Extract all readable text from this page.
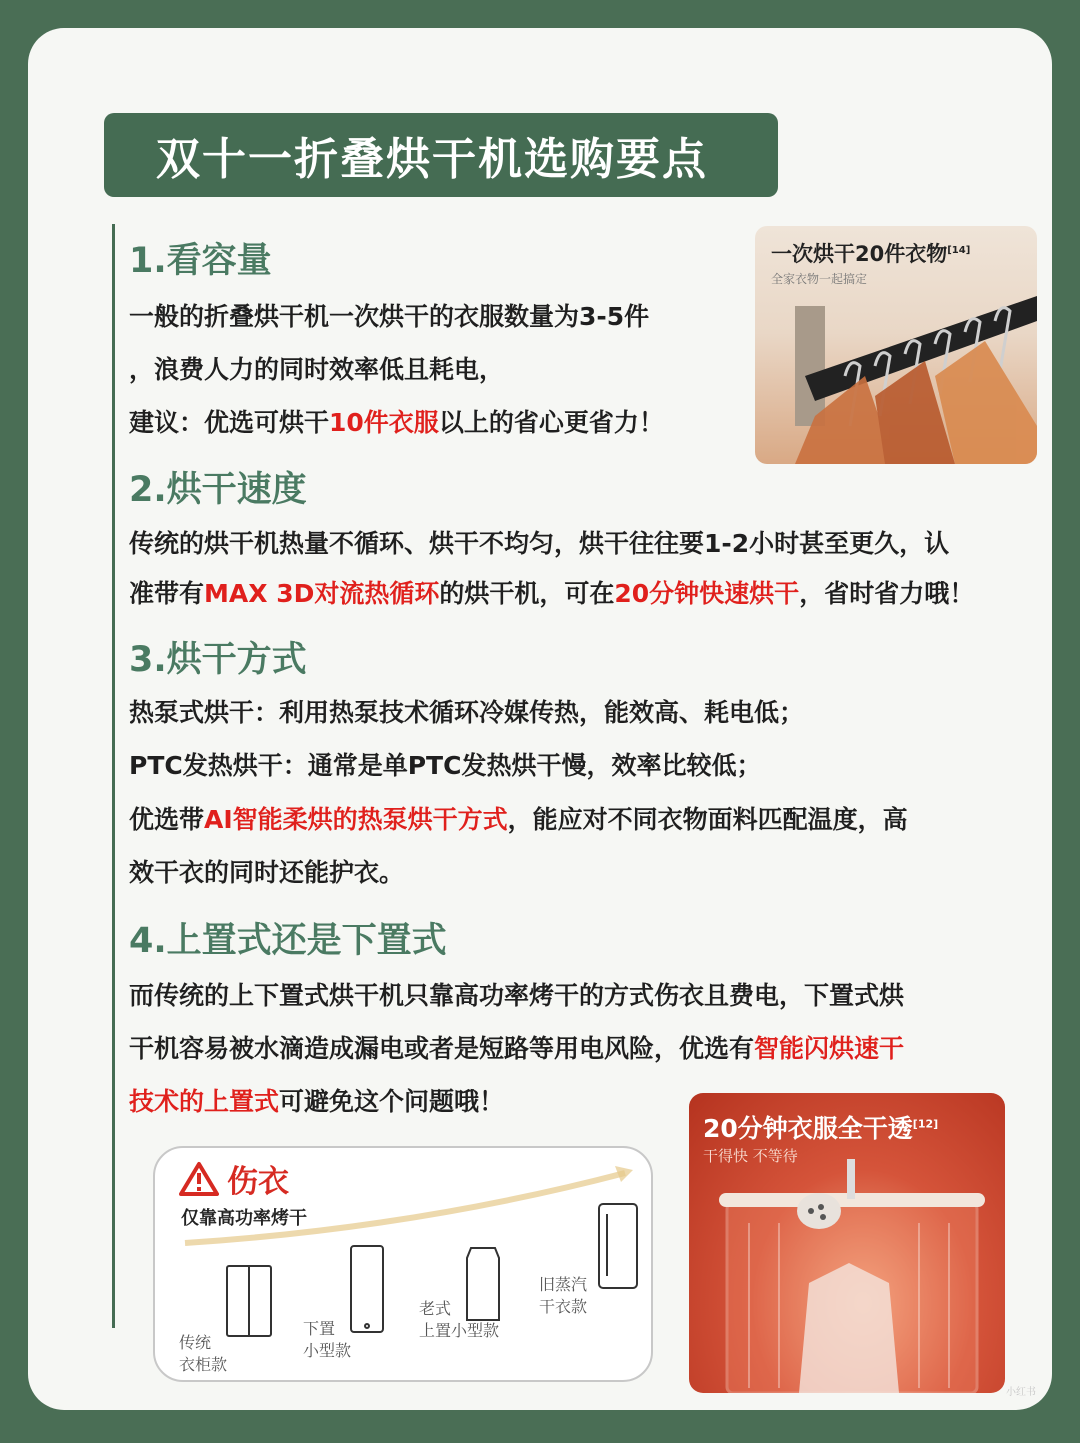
双十一折叠烘干机选购要点
1.看容量
一般的折叠烘干机一次烘干的衣服数量为3-5件
，浪费人力的同时效率低且耗电，
建议：优选可烘干10件衣服以上的省心更省力！
一次烘干20件衣物[14]
全家衣物一起搞定
2.烘干速度
传统的烘干机热量不循环、烘干不均匀，烘干往往要1-2小时甚至更久，认
准带有MAX 3D对流热循环的烘干机，可在20分钟快速烘干，省时省力哦！
3.烘干方式
热泵式烘干：利用热泵技术循环冷媒传热，能效高、耗电低；
PTC发热烘干：通常是单PTC发热烘干慢，效率比较低；
优选带AI智能柔烘的热泵烘干方式，能应对不同衣物面料匹配温度，高
效干衣的同时还能护衣。
4.上置式还是下置式
而传统的上下置式烘干机只靠高功率烤干的方式伤衣且费电，下置式烘
干机容易被水滴造成漏电或者是短路等用电风险，优选有智能闪烘速干
技术的上置式可避免这个问题哦！
伤衣
仅靠高功率烤干
传统
衣柜款
下置
小型款
老式
上置小型款
旧蒸汽
干衣款
20分钟衣服全干透[12]
干得快 不等待
小红书
